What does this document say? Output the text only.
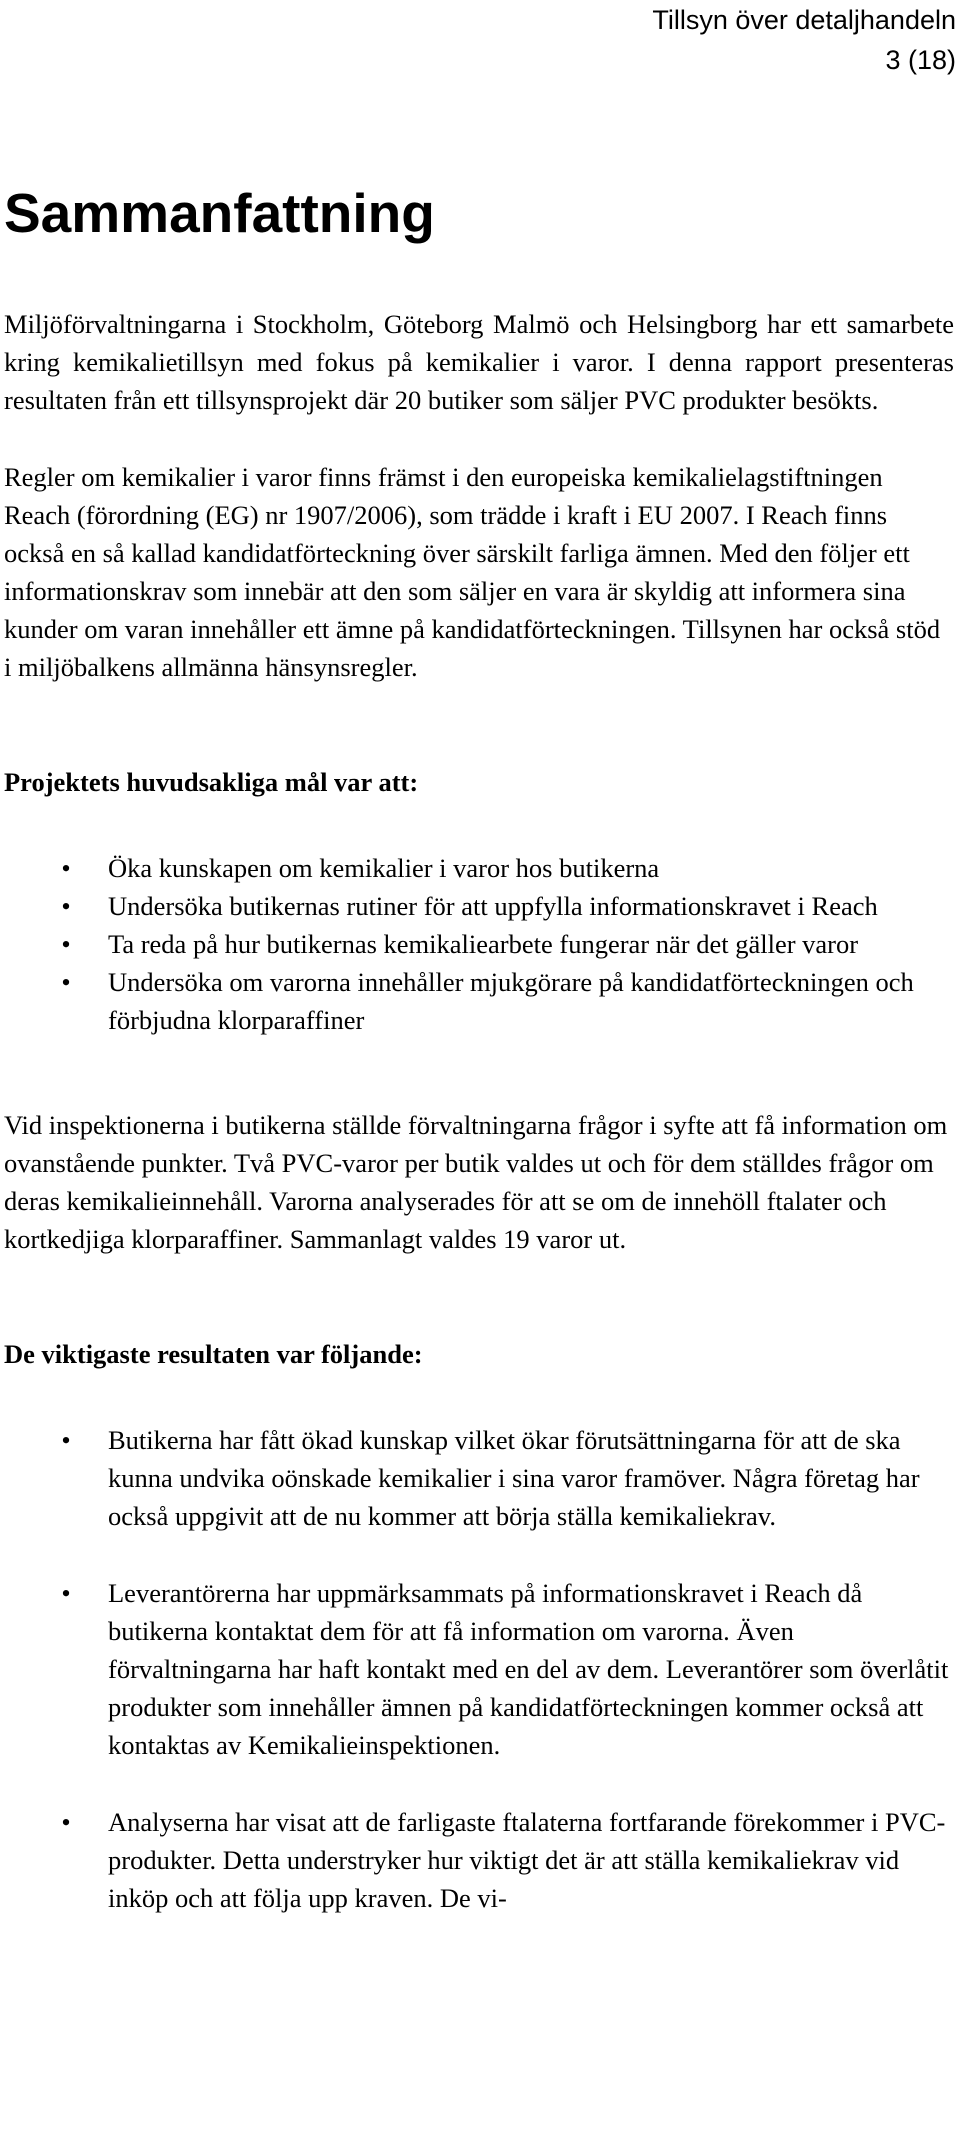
Tillsyn över detaljhandeln
3 (18)
Sammanfattning

Miljöförvaltningarna i Stockholm, Göteborg Malmö och Helsingborg har ett samarbete kring kemikalietillsyn med fokus på kemikalier i varor. I denna rapport presenteras resultaten från ett tillsynsprojekt där 20 butiker som säljer PVC produkter besökts.

Regler om kemikalier i varor finns främst i den europeiska kemikalielagstiftningen Reach (förordning (EG) nr 1907/2006), som trädde i kraft i EU 2007. I Reach finns också en så kallad kandidatförteckning över särskilt farliga ämnen. Med den följer ett informationskrav som innebär att den som säljer en vara är skyldig att informera sina kunder om varan innehåller ett ämne på kandidatförteckningen. Tillsynen har också stöd i miljöbalkens allmänna hänsynsregler.

Projektets huvudsakliga mål var att:

• Öka kunskapen om kemikalier i varor hos butikerna
• Undersöka butikernas rutiner för att uppfylla informationskravet i Reach
• Ta reda på hur butikernas kemikaliearbete fungerar när det gäller varor
• Undersöka om varorna innehåller mjukgörare på kandidatförteckningen och förbjudna klorparaffiner

Vid inspektionerna i butikerna ställde förvaltningarna frågor i syfte att få information om ovanstående punkter. Två PVC-varor per butik valdes ut och för dem ställdes frågor om deras kemikalieinnehåll. Varorna analyserades för att se om de innehöll ftalater och kortkedjiga klorparaffiner. Sammanlagt valdes 19 varor ut.

De viktigaste resultaten var följande:

• Butikerna har fått ökad kunskap vilket ökar förutsättningarna för att de ska kunna undvika oönskade kemikalier i sina varor framöver. Några företag har också uppgivit att de nu kommer att börja ställa kemikaliekrav.
• Leverantörerna har uppmärksammats på informationskravet i Reach då butikerna kontaktat dem för att få information om varorna. Även förvaltningarna har haft kontakt med en del av dem. Leverantörer som överlåtit produkter som innehåller ämnen på kandidatförteckningen kommer också att kontaktas av Kemikalieinspektionen.
• Analyserna har visat att de farligaste ftalaterna fortfarande förekommer i PVC-produkter. Detta understryker hur viktigt det är att ställa kemikaliekrav vid inköp och att följa upp kraven. De vi-
